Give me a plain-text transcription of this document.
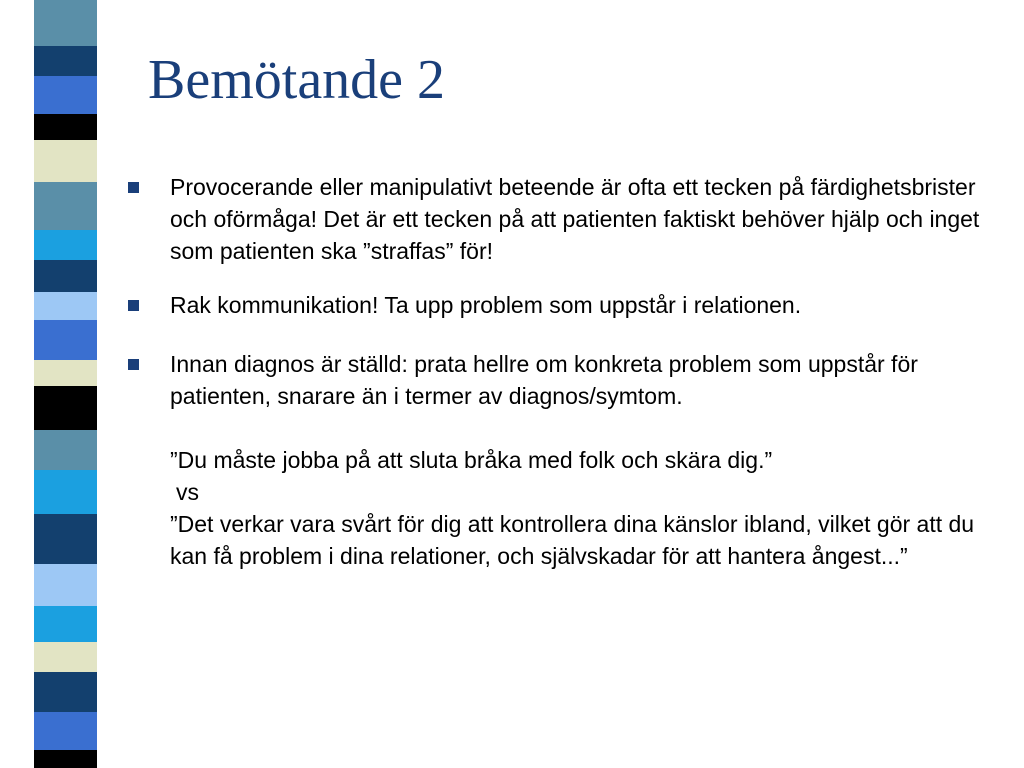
Bemötande 2
Provocerande eller manipulativt beteende är ofta ett tecken på färdighetsbrister och oförmåga! Det är ett tecken på att patienten faktiskt behöver hjälp och inget som patienten ska ”straffas” för!
Rak kommunikation! Ta upp problem som uppstår i relationen.
Innan diagnos är ställd: prata hellre om konkreta problem som uppstår för patienten, snarare än i termer av diagnos/symtom.
”Du måste jobba på att sluta bråka med folk och skära dig.”
vs
”Det verkar vara svårt för dig att kontrollera dina känslor ibland, vilket gör att du kan få problem i dina relationer, och självskadar för att hantera ångest...”
